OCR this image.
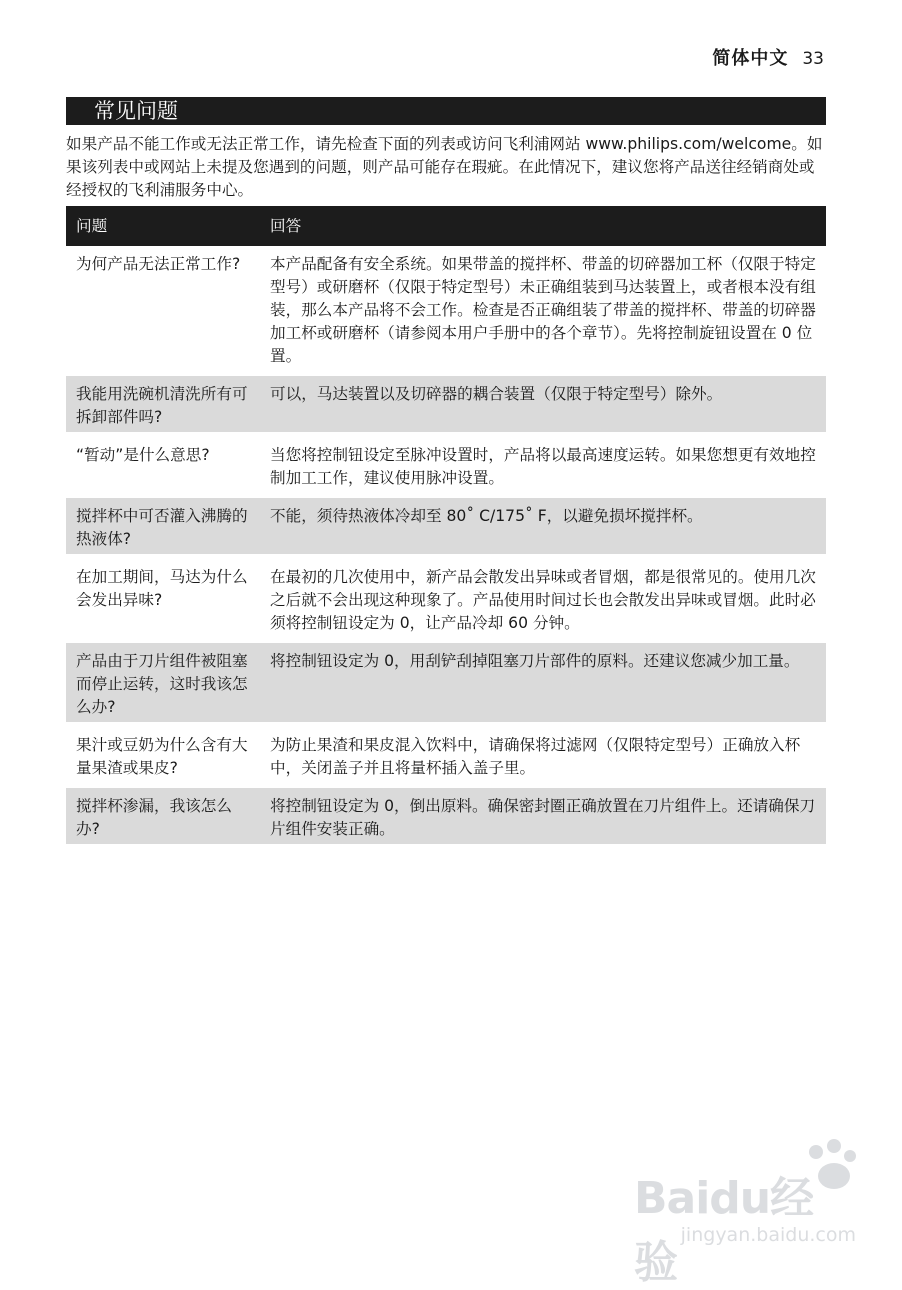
简体中文 33
常见问题

如果产品不能工作或无法正常工作，请先检查下面的列表或访问飞利浦网站 www.philips.com/welcome。如果该列表中或网站上未提及您遇到的问题，则产品可能存在瑕疵。在此情况下，建议您将产品送往经销商处或经授权的飞利浦服务中心。

问题	回答
为何产品无法正常工作?	本产品配备有安全系统。如果带盖的搅拌杯、带盖的切碎器加工杯（仅限于特定型号）或研磨杯（仅限于特定型号）未正确组装到马达装置上，或者根本没有组装，那么本产品将不会工作。检查是否正确组装了带盖的搅拌杯、带盖的切碎器加工杯或研磨杯（请参阅本用户手册中的各个章节）。先将控制旋钮设置在 0 位置。
我能用洗碗机清洗所有可拆卸部件吗?	可以，马达装置以及切碎器的耦合装置（仅限于特定型号）除外。
“暂动”是什么意思?	当您将控制钮设定至脉冲设置时，产品将以最高速度运转。如果您想更有效地控制加工工作，建议使用脉冲设置。
搅拌杯中可否灌入沸腾的热液体?	不能，须待热液体冷却至 80˚ C/175˚ F，以避免损坏搅拌杯。
在加工期间，马达为什么会发出异味?	在最初的几次使用中，新产品会散发出异味或者冒烟，都是很常见的。使用几次之后就不会出现这种现象了。产品使用时间过长也会散发出异味或冒烟。此时必须将控制钮设定为 0，让产品冷却 60 分钟。
产品由于刀片组件被阻塞而停止运转，这时我该怎么办?	将控制钮设定为 0，用刮铲刮掉阻塞刀片部件的原料。还建议您减少加工量。
果汁或豆奶为什么含有大量果渣或果皮?	为防止果渣和果皮混入饮料中，请确保将过滤网（仅限特定型号）正确放入杯中，关闭盖子并且将量杯插入盖子里。
搅拌杯渗漏，我该怎么办?	将控制钮设定为 0，倒出原料。确保密封圈正确放置在刀片组件上。还请确保刀片组件安装正确。
Baidu经验
jingyan.baidu.com
